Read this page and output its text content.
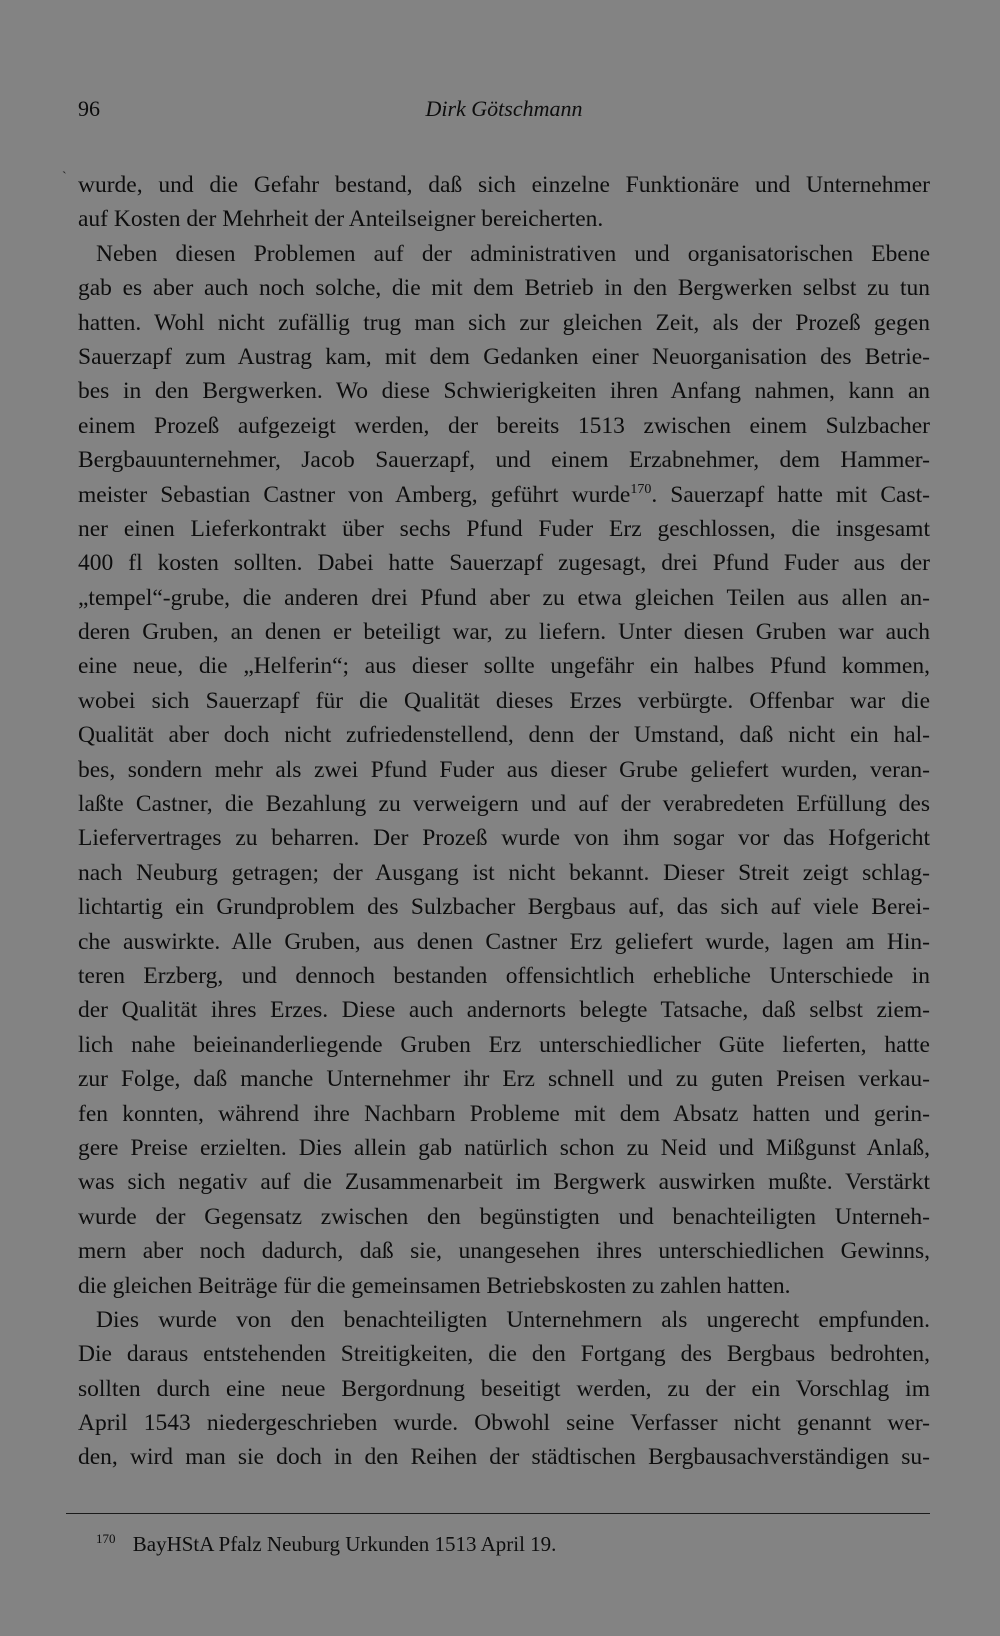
96	Dirk Götschmann
ˋ wurde, und die Gefahr bestand, daß sich einzelne Funktionäre und Unternehmer
auf Kosten der Mehrheit der Anteilseigner bereicherten.
Neben diesen Problemen auf der administrativen und organisatorischen Ebene
gab es aber auch noch solche, die mit dem Betrieb in den Bergwerken selbst zu tun
hatten. Wohl nicht zufällig trug man sich zur gleichen Zeit, als der Prozeß gegen
Sauerzapf zum Austrag kam, mit dem Gedanken einer Neuorganisation des Betrie-
bes in den Bergwerken. Wo diese Schwierigkeiten ihren Anfang nahmen, kann an
einem Prozeß aufgezeigt werden, der bereits 1513 zwischen einem Sulzbacher
Bergbauunternehmer, Jacob Sauerzapf, und einem Erzabnehmer, dem Hammer-
meister Sebastian Castner von Amberg, geführt wurde$^{170}$. Sauerzapf hatte mit Cast-
ner einen Lieferkontrakt über sechs Pfund Fuder Erz geschlossen, die insgesamt
400 fl kosten sollten. Dabei hatte Sauerzapf zugesagt, drei Pfund Fuder aus der
„tempel“-grube, die anderen drei Pfund aber zu etwa gleichen Teilen aus allen an-
deren Gruben, an denen er beteiligt war, zu liefern. Unter diesen Gruben war auch
eine neue, die „Helferin“; aus dieser sollte ungefähr ein halbes Pfund kommen,
wobei sich Sauerzapf für die Qualität dieses Erzes verbürgte. Offenbar war die
Qualität aber doch nicht zufriedenstellend, denn der Umstand, daß nicht ein hal-
bes, sondern mehr als zwei Pfund Fuder aus dieser Grube geliefert wurden, veran-
laßte Castner, die Bezahlung zu verweigern und auf der verabredeten Erfüllung des
Liefervertrages zu beharren. Der Prozeß wurde von ihm sogar vor das Hofgericht
nach Neuburg getragen; der Ausgang ist nicht bekannt. Dieser Streit zeigt schlag-
lichtartig ein Grundproblem des Sulzbacher Bergbaus auf, das sich auf viele Berei-
che auswirkte. Alle Gruben, aus denen Castner Erz geliefert wurde, lagen am Hin-
teren Erzberg, und dennoch bestanden offensichtlich erhebliche Unterschiede in
der Qualität ihres Erzes. Diese auch andernorts belegte Tatsache, daß selbst ziem-
lich nahe beieinanderliegende Gruben Erz unterschiedlicher Güte lieferten, hatte
zur Folge, daß manche Unternehmer ihr Erz schnell und zu guten Preisen verkau-
fen konnten, während ihre Nachbarn Probleme mit dem Absatz hatten und gerin-
gere Preise erzielten. Dies allein gab natürlich schon zu Neid und Mißgunst Anlaß,
was sich negativ auf die Zusammenarbeit im Bergwerk auswirken mußte. Verstärkt
wurde der Gegensatz zwischen den begünstigten und benachteiligten Unterneh-
mern aber noch dadurch, daß sie, unangesehen ihres unterschiedlichen Gewinns,
die gleichen Beiträge für die gemeinsamen Betriebskosten zu zahlen hatten.
Dies wurde von den benachteiligten Unternehmern als ungerecht empfunden.
Die daraus entstehenden Streitigkeiten, die den Fortgang des Bergbaus bedrohten,
sollten durch eine neue Bergordnung beseitigt werden, zu der ein Vorschlag im
April 1543 niedergeschrieben wurde. Obwohl seine Verfasser nicht genannt wer-
den, wird man sie doch in den Reihen der städtischen Bergbausachverständigen su-
$^{170}$ BayHStA Pfalz Neuburg Urkunden 1513 April 19.
